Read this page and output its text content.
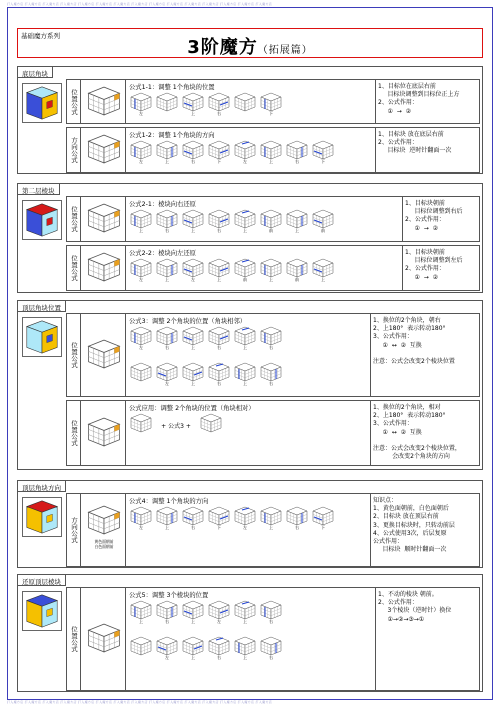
打入魔方店 打入魔方店 打入魔方店 打入魔方店 打入魔方店 打入魔方店 打入魔方店 打入魔方店 打入魔方店 打入魔方店 打入魔方店 打入魔方店 打入魔方店 打入魔方店 打入魔方店
打入魔方店 打入魔方店 打入魔方店 打入魔方店 打入魔方店 打入魔方店 打入魔方店 打入魔方店 打入魔方店 打入魔方店 打入魔方店 打入魔方店 打入魔方店 打入魔方店 打入魔方店
基础魔方系列
3阶魔方（拓展篇）
底层角块
位置公式
公式1-1：调整 1个角块的位置
左	上	右	下
1、目标位在底层右前
目标块调整到目标位正上方
2、公式作用：
①  →  ②
方向公式
公式1-2：调整 1个角块的方向
左	上	右	下	左	上	右	下
1、目标块 放在底层右前
2、公式作用：
目标块  逆时针翻面一次
第二层棱块
位置公式
公式2-1：棱块向右还原
上	右	上	右	上	前	上	前
1、目标块朝前
目标位调整到右后
2、公式作用：
①  →  ②
位置公式
公式2-2：棱块向左还原
左	上	左	上	前	上	前	上
1、目标块朝前
目标位调整到左后
2、公式作用：
①  →  ②
顶层角块位置
位置公式
公式3：调整 2个角块的位置（角块相邻）
左	右	上	右	上	右
左	上	右	上	右
1、换位的2个角块，朝右
2、上180°  表示转动180°
3、公式作用：
①  ↔  ②  互换

注意：公式会改变2个棱块位置
位置公式
公式应用：调整 2个角块的位置（角块相对）
+ 公式3 +
1、换位的2个角块，相对
2、上180°  表示转动180°
3、公式作用：
①  ↔  ②  互换

注意：公式会改变2个棱块位置，
会改变2个角块的方向
顶层角块方向
方向公式	黄色面朝前
白色面朝前
公式4：调整 1个角块的方向
左	上	右	下	左	上	右	下
知识点：
1、黄色面朝前，白色面朝后
2、目标块 放在顶层右前
3、更换目标块时，只转动前层
4、公式使用3次，后层复原
公式作用：
目标块  顺时针翻面一次
还原顶层棱块
位置公式
公式5：调整 3个棱块的位置
上	右	上	左	上	右
左	上	右	上	右
1、不动的棱块 朝前。
2、公式作用：
3个棱块（逆时针）换位
①→②→③→①
